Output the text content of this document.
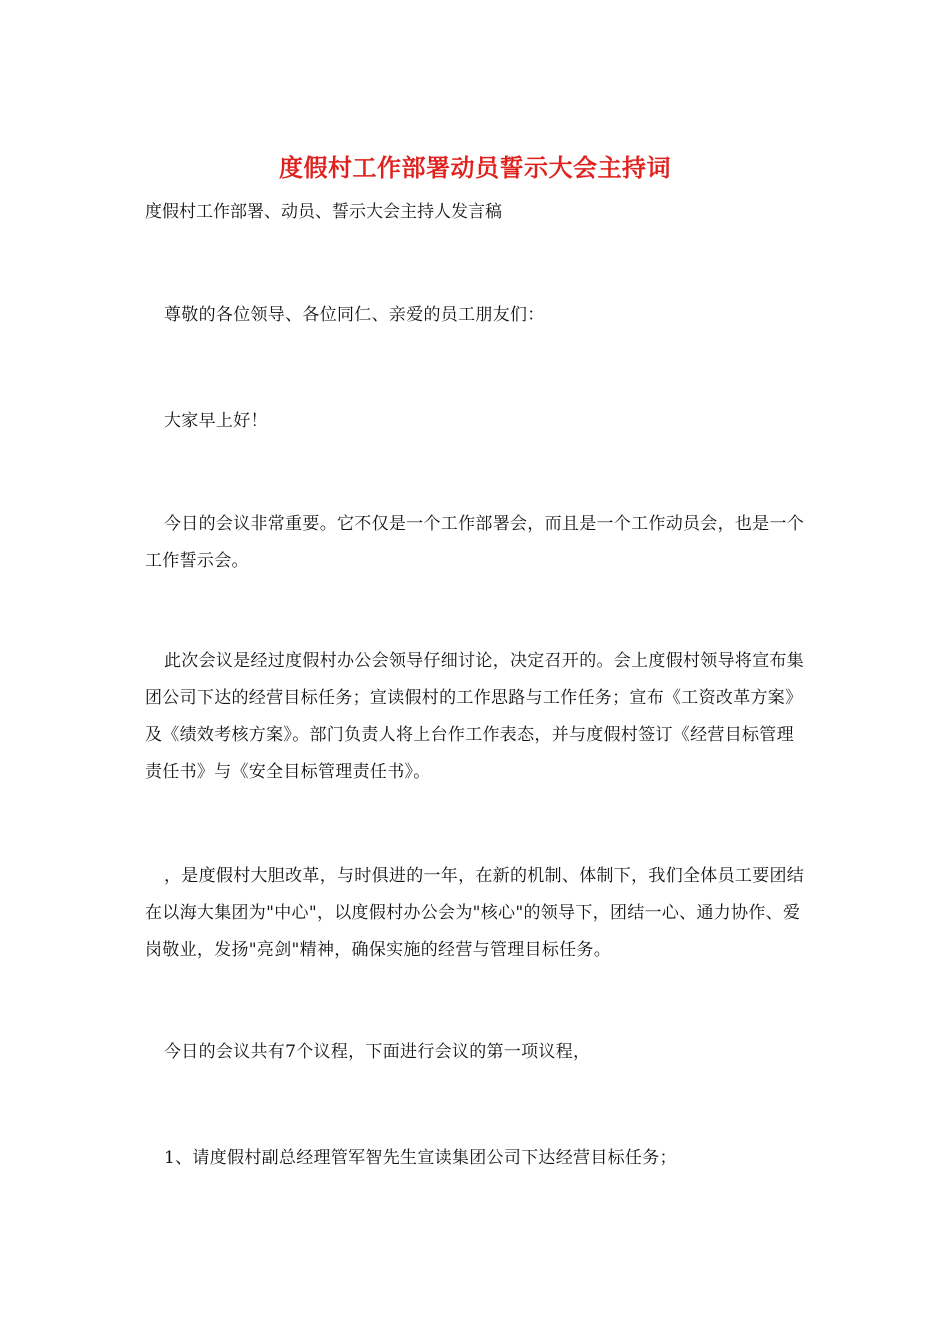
度假村工作部署动员誓示大会主持词
度假村工作部署、动员、誓示大会主持人发言稿

尊敬的各位领导、各位同仁、亲爱的员工朋友们：

大家早上好！

今日的会议非常重要。它不仅是一个工作部署会，而且是一个工作动员会，也是一个工作誓示会。

此次会议是经过度假村办公会领导仔细讨论，决定召开的。会上度假村领导将宣布集团公司下达的经营目标任务；宣读假村的工作思路与工作任务；宣布《工资改革方案》及《绩效考核方案》。部门负责人将上台作工作表态，并与度假村签订《经营目标管理责任书》与《安全目标管理责任书》。

，是度假村大胆改革，与时俱进的一年，在新的机制、体制下，我们全体员工要团结在以海大集团为"中心"，以度假村办公会为"核心"的领导下，团结一心、通力协作、爱岗敬业，发扬"亮剑"精神，确保实施的经营与管理目标任务。

今日的会议共有7个议程，下面进行会议的第一项议程，

1、请度假村副总经理管军智先生宣读集团公司下达经营目标任务；
